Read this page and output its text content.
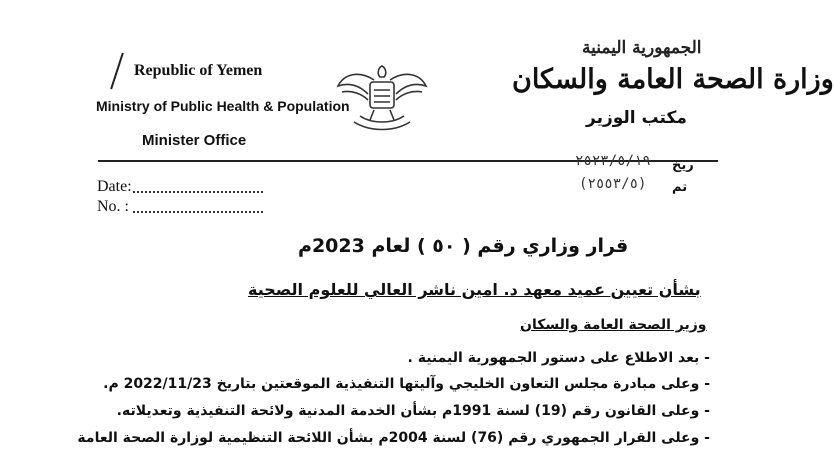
Republic of Yemen
Ministry of Public Health & Population
Minister Office
الجمهورية اليمنية
وزارة الصحة العامة والسكان
مكتب الوزير
Date:
No. :
٢٥٢٣/٥/١٩ ريخ
(٢٥٥٣/٥) تم
قرار وزاري رقم ( ٥٠ ) لعام 2023م
بشأن تعيين عميد معهد د. امين ناشر العالي للعلوم الصحية
وزير الصحة العامة والسكان
- بعد الاطلاع على دستور الجمهورية اليمنية .
- وعلى مبادرة مجلس التعاون الخليجي وآليتها التنفيذية الموقعتين بتاريخ 2022/11/23 م.
- وعلى القانون رقم (19) لسنة 1991م بشأن الخدمة المدنية ولائحة التنفيذية وتعديلاته.
- وعلى القرار الجمهوري رقم (76) لسنة 2004م بشأن اللائحة التنظيمية لوزارة الصحة العامة
